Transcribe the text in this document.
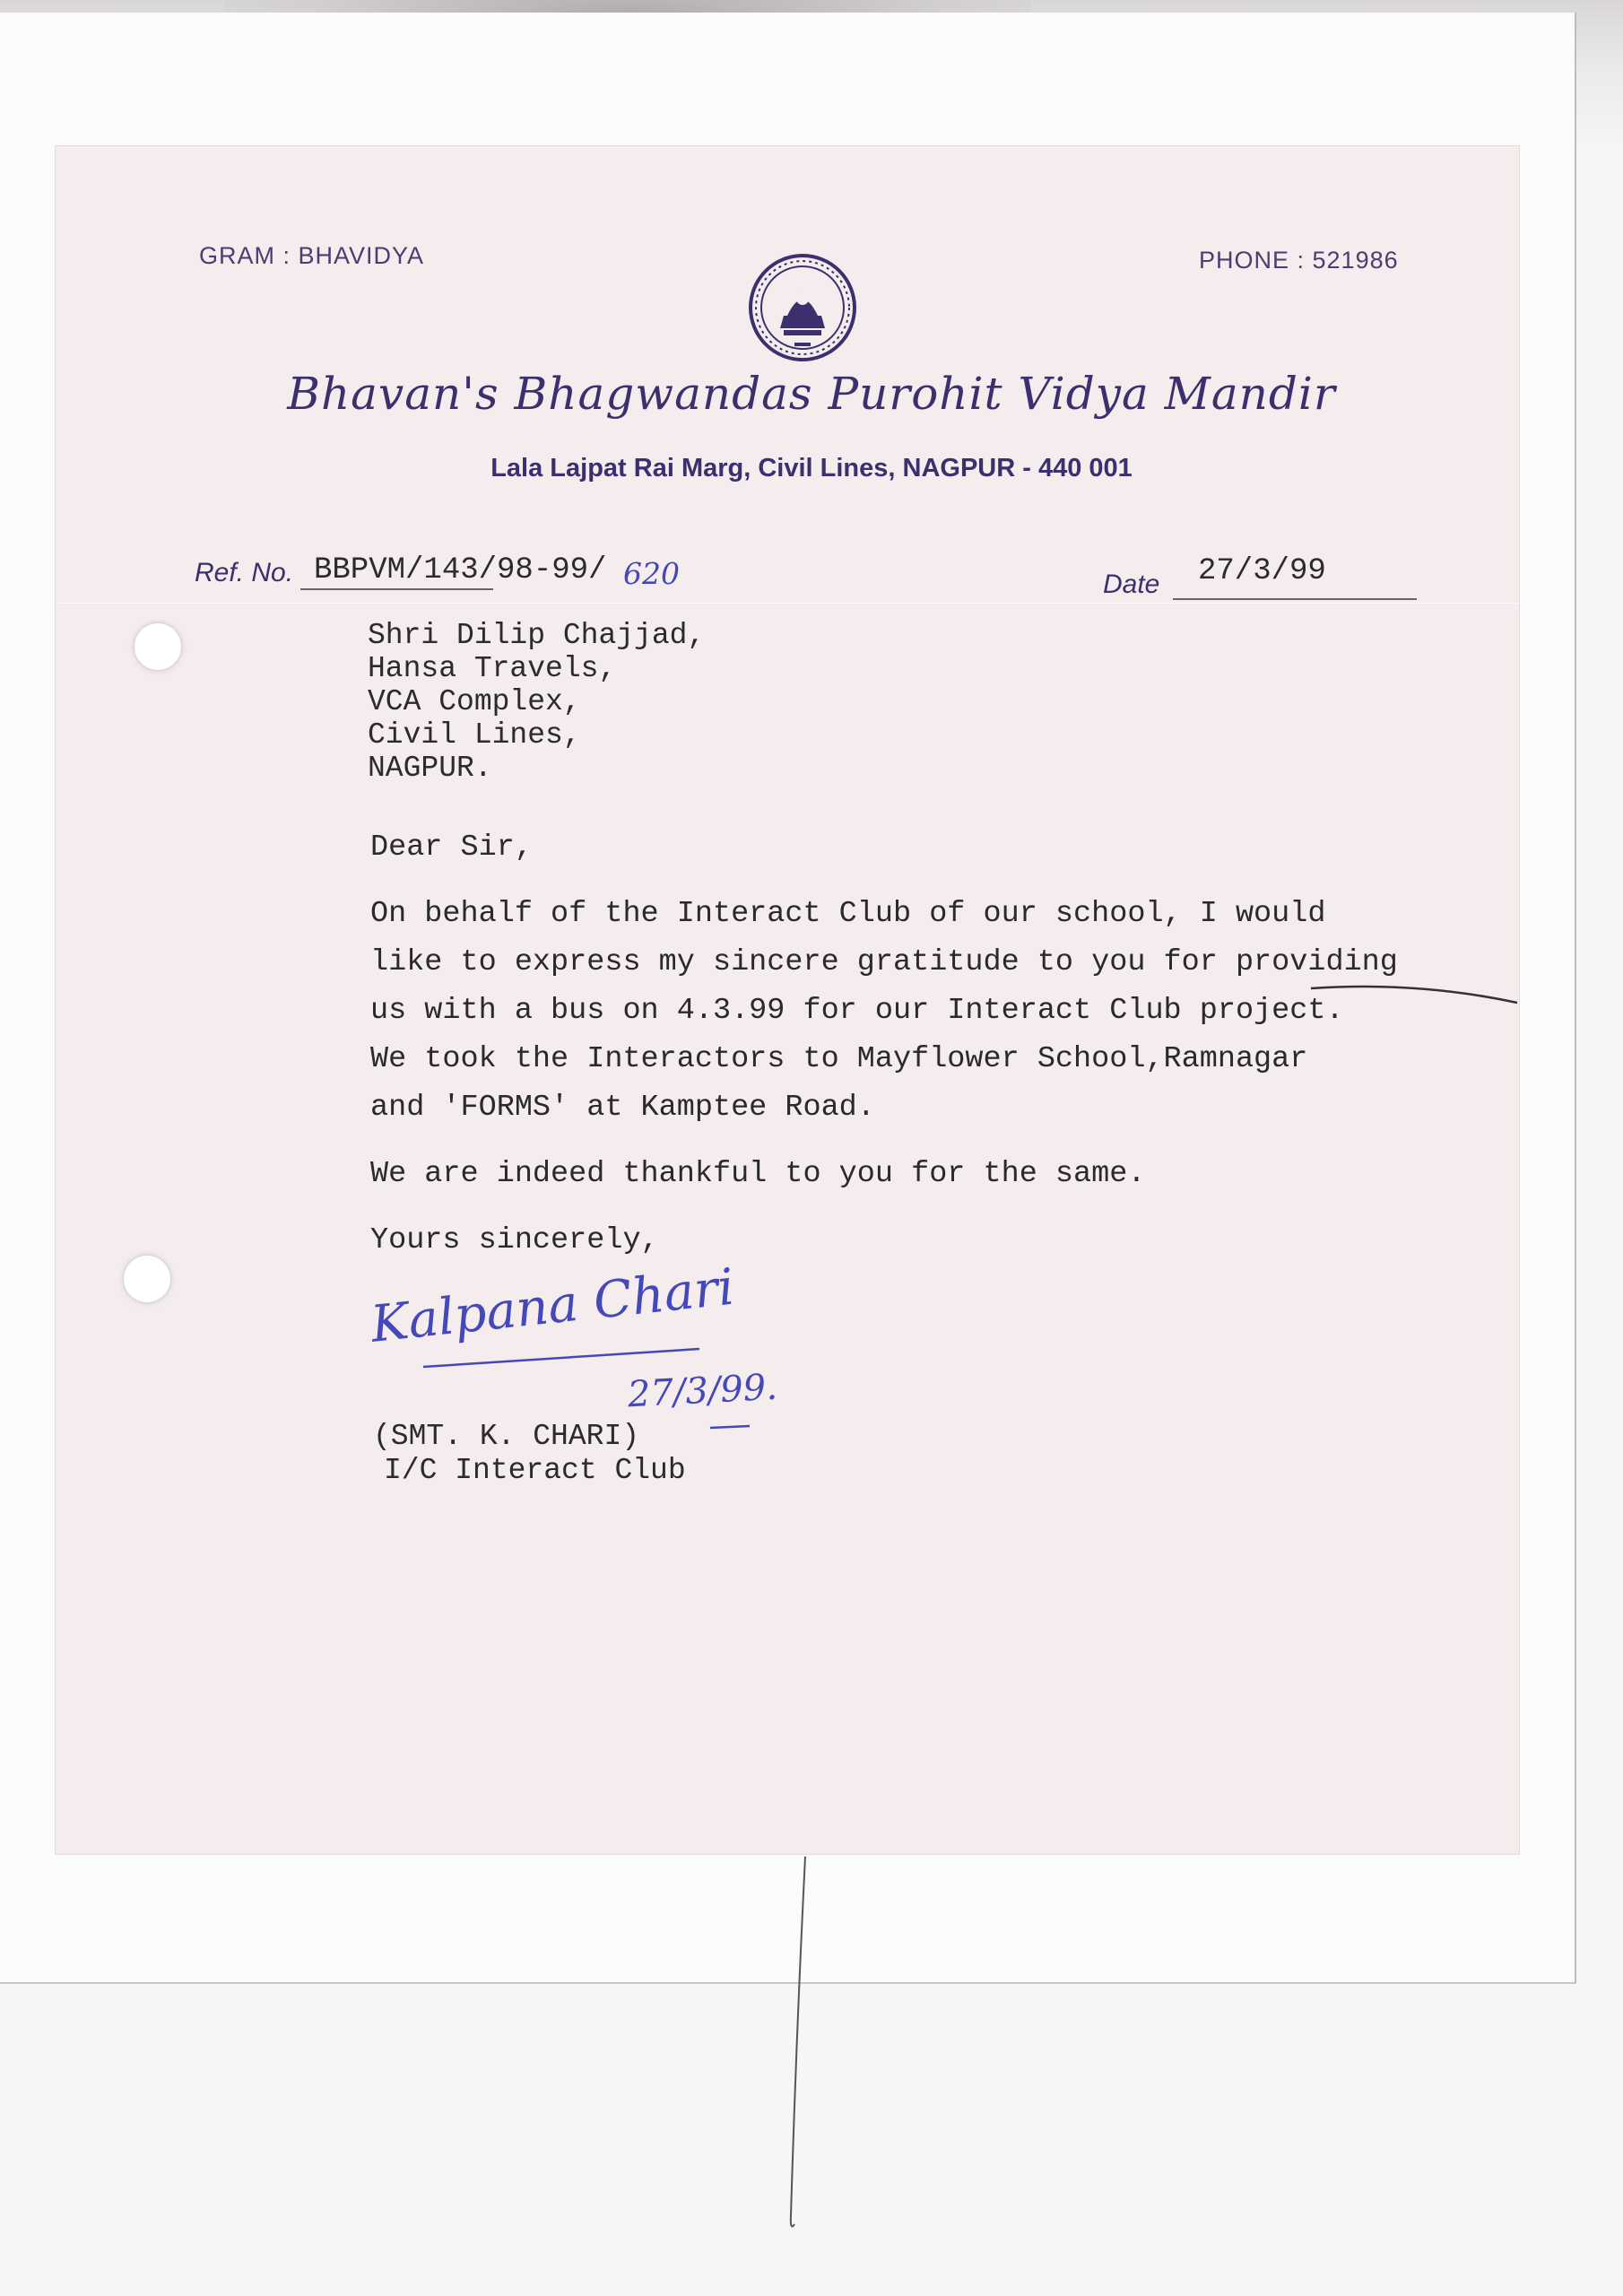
GRAM : BHAVIDYA	PHONE : 521986
Bhavan's Bhagwandas Purohit Vidya Mandir
Lala Lajpat Rai Marg, Civil Lines, NAGPUR - 440 001
Ref. No. BBPVM/143/98-99/ 620	Date 27/3/99
Shri Dilip Chajjad,
Hansa Travels,
VCA Complex,
Civil Lines,
NAGPUR.
Dear Sir,
On behalf of the Interact Club of our school, I would
like to express my sincere gratitude to you for providing
us with a bus on 4.3.99 for our Interact Club project.
We took the Interactors to Mayflower School,Ramnagar
and 'FORMS' at Kamptee Road.
We are indeed thankful to you for the same.
Yours sincerely,
Kalpana Chari
27/3/99.
(SMT. K. CHARI)
I/C Interact Club
